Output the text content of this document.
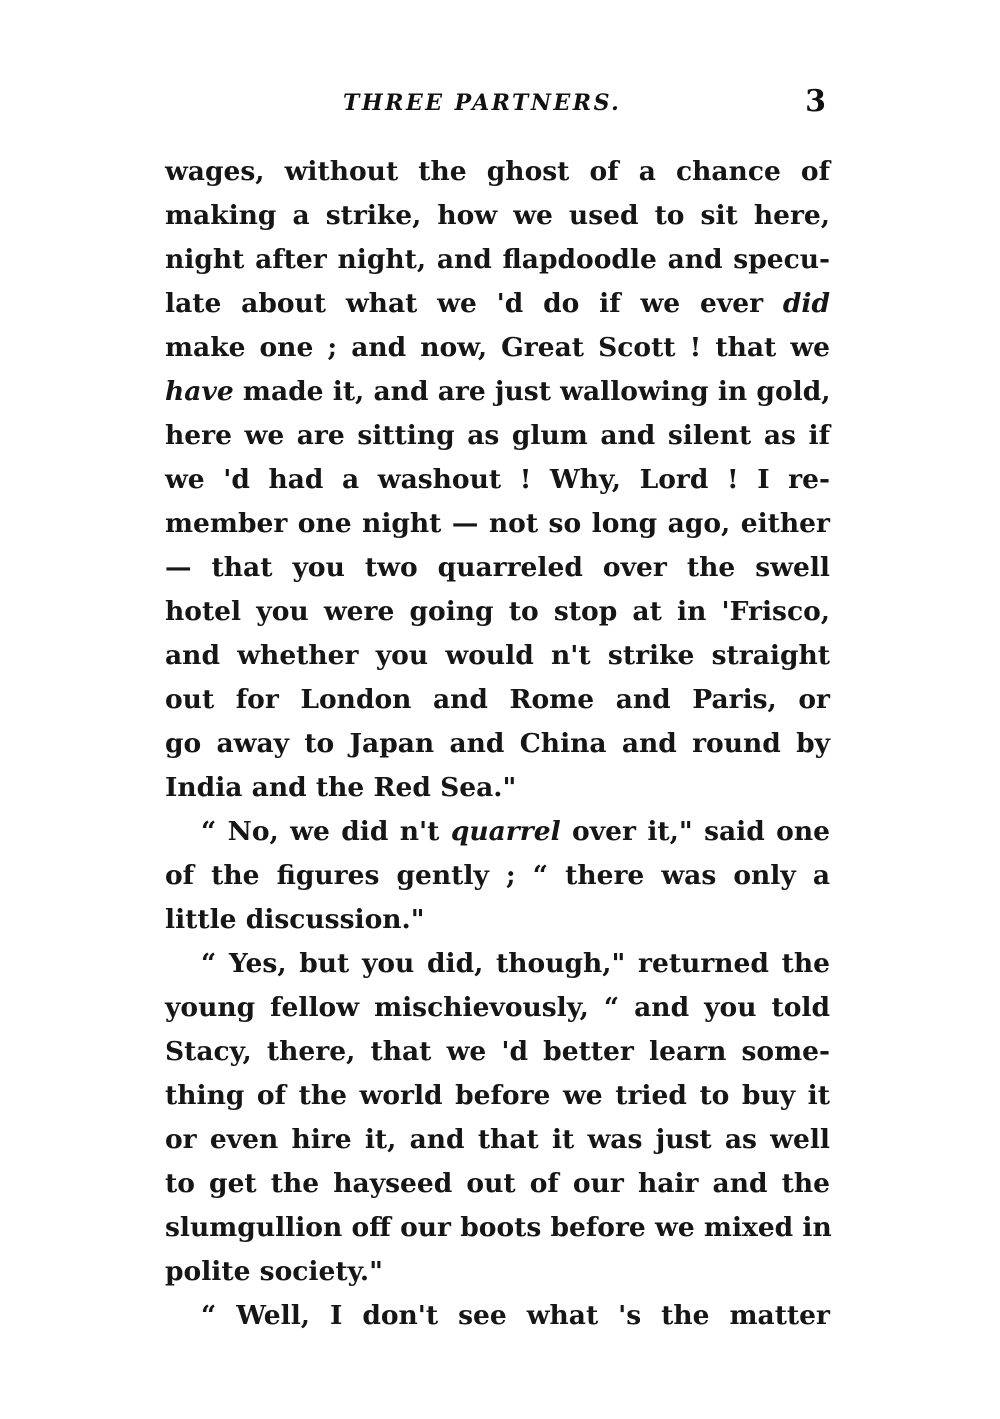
THREE PARTNERS.	3
wages, without the ghost of a chance of
making a strike, how we used to sit here,
night after night, and flapdoodle and specu-
late about what we 'd do if we ever did
make one ; and now, Great Scott ! that we
have made it, and are just wallowing in gold,
here we are sitting as glum and silent as if
we 'd had a washout ! Why, Lord ! I re-
member one night — not so long ago, either
— that you two quarreled over the swell
hotel you were going to stop at in 'Frisco,
and whether you would n't strike straight
out for London and Rome and Paris, or
go away to Japan and China and round by
India and the Red Sea."
“ No, we did n't quarrel over it," said one
of the figures gently ; “ there was only a
little discussion."
“ Yes, but you did, though," returned the
young fellow mischievously, “ and you told
Stacy, there, that we 'd better learn some-
thing of the world before we tried to buy it
or even hire it, and that it was just as well
to get the hayseed out of our hair and the
slumgullion off our boots before we mixed in
polite society."
“ Well, I don't see what 's the matter
